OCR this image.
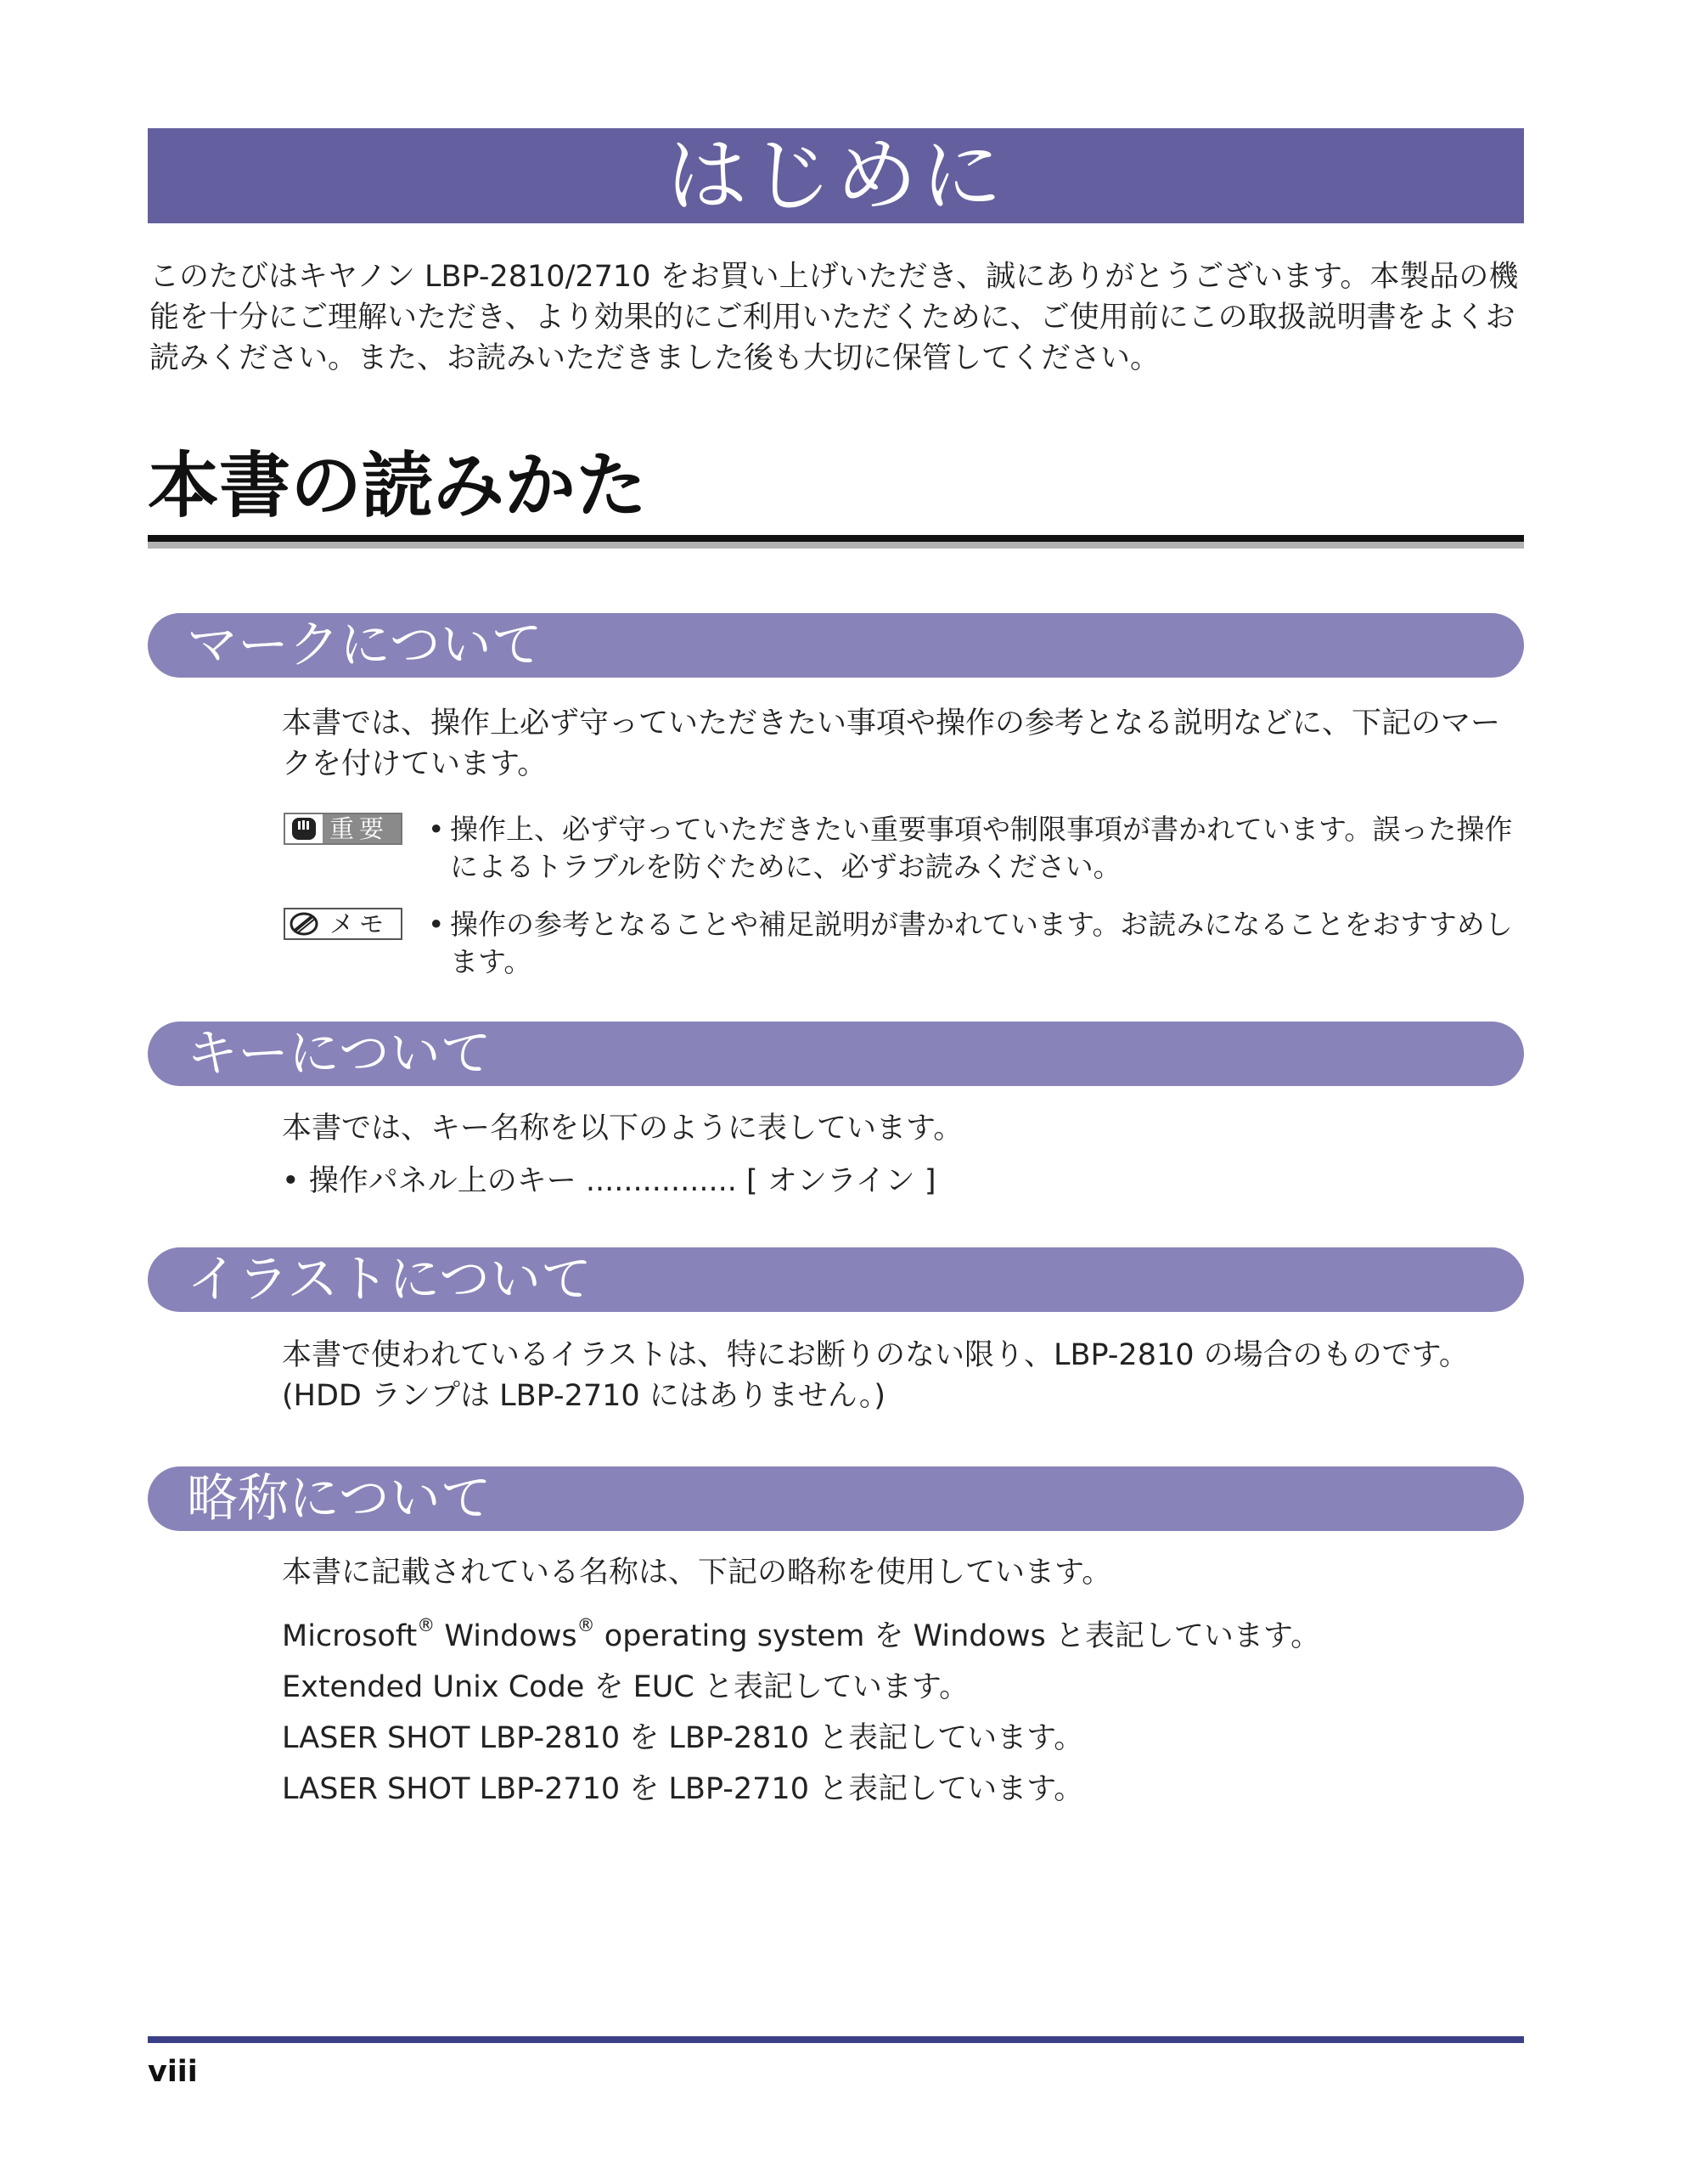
はじめに

このたびはキヤノン LBP-2810/2710 をお買い上げいただき、誠にありがとうございます。本製品の機能を十分にご理解いただき、より効果的にご利用いただくために、ご使用前にこの取扱説明書をよくお読みください。また、お読みいただきました後も大切に保管してください。

本書の読みかた
マークについて

本書では、操作上必ず守っていただきたい事項や操作の参考となる説明などに、下記のマークを付けています。

重要 • 操作上、必ず守っていただきたい重要事項や制限事項が書かれています。誤った操作によるトラブルを防ぐために、必ずお読みください。
メモ • 操作の参考となることや補足説明が書かれています。お読みになることをおすすめします。
キーについて

本書では、キー名称を以下のように表しています。

• 操作パネル上のキー ................ [ オンライン ]
イラストについて

本書で使われているイラストは、特にお断りのない限り、LBP-2810 の場合のものです。(HDD ランプは LBP-2710 にはありません。)

略称について

本書に記載されている名称は、下記の略称を使用しています。

Microsoft® Windows® operating system を Windows と表記しています。
Extended Unix Code を EUC と表記しています。
LASER SHOT LBP-2810 を LBP-2810 と表記しています。
LASER SHOT LBP-2710 を LBP-2710 と表記しています。
viii
